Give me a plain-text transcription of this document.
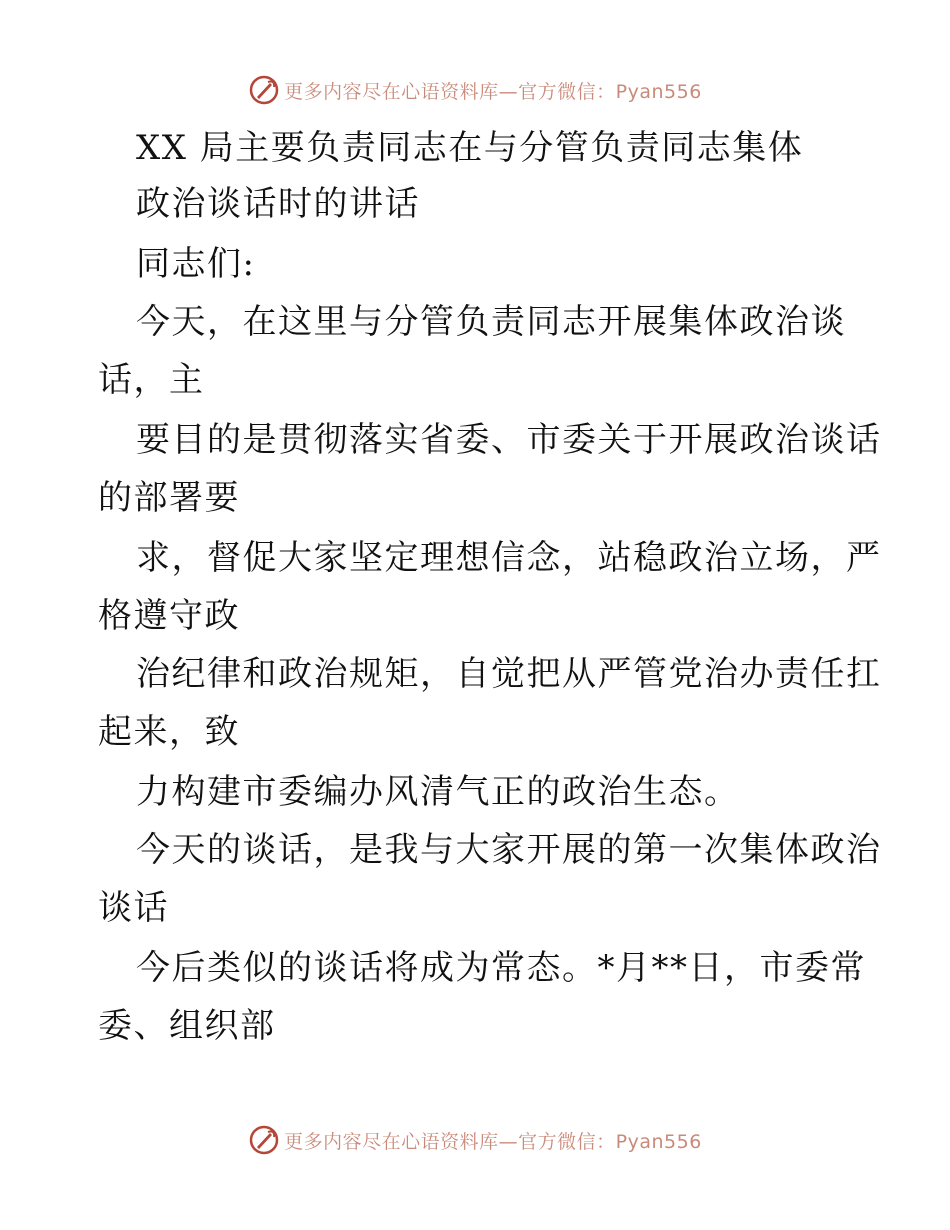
更多内容尽在心语资料库—官方微信：Pyan556
XX 局主要负责同志在与分管负责同志集体
政治谈话时的讲话
同志们:
今天，在这里与分管负责同志开展集体政治谈
话，主
要目的是贯彻落实省委、市委关于开展政治谈话
的部署要
求，督促大家坚定理想信念，站稳政治立场，严
格遵守政
治纪律和政治规矩，自觉把从严管党治办责任扛
起来，致
力构建市委编办风清气正的政治生态。
今天的谈话，是我与大家开展的第一次集体政治
谈话
今后类似的谈话将成为常态。*月**日，市委常
委、组织部
更多内容尽在心语资料库—官方微信：Pyan556
